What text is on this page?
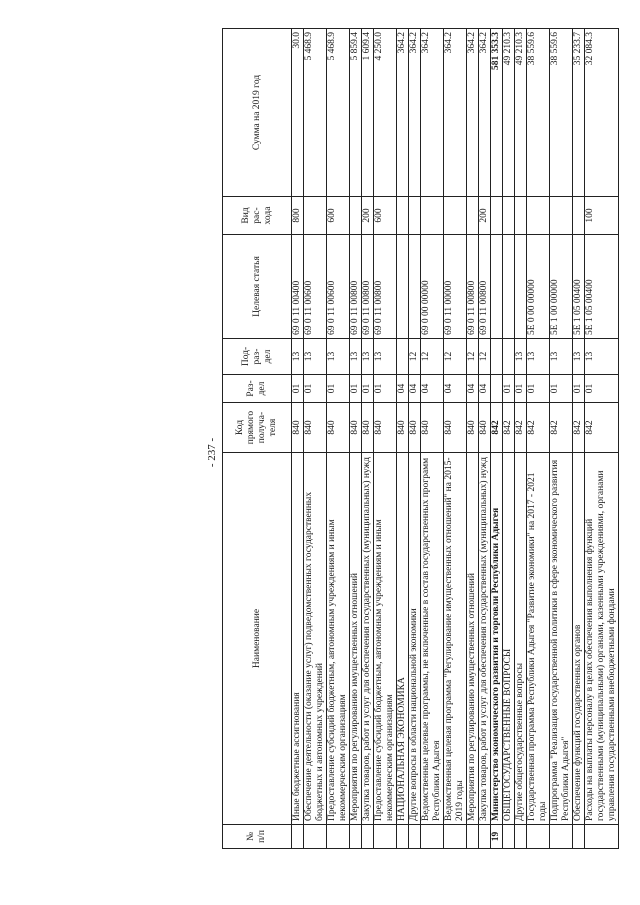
- 237 -
№ п/п	Наименование	Код прямого получа-теля	Раз-дел	Под-раз-дел	Целевая статья	Вид рас-хода	Сумма на 2019 год
	Иные бюджетные ассигнования	840	01	13	69 0 11 00400	800	30.0
	Обеспечение деятельности (оказание услуг) подведомственных государственных бюджетных и автономных учреждений	840	01	13	69 0 11 00600		5 468.9
	Предоставление субсидий бюджетным, автономным учреждениям и иным некоммерческим организациям	840	01	13	69 0 11 00600	600	5 468.9
	Мероприятия по регулированию имущественных отношений	840	01	13	69 0 11 00800		5 859.4
	Закупка товаров, работ и услуг для обеспечения государственных (муниципальных) нужд	840	01	13	69 0 11 00800	200	1 609.4
	Предоставление субсидий бюджетным, автономным учреждениям и иным некоммерческим организациям	840	01	13	69 0 11 00800	600	4 250.0
	НАЦИОНАЛЬНАЯ ЭКОНОМИКА	840	04				364.2
	Другие вопросы в области национальной экономики	840	04	12			364.2
	Ведомственные целевые программы, не включенные в состав государственных программ Республики Адыгея	840	04	12	69 0 00 00000		364.2
	Ведомственная целевая программа "Регулирование имущественных отношений" на 2015-2019 годы	840	04	12	69 0 11 00000		364.2
	Мероприятия по регулированию имущественных отношений	840	04	12	69 0 11 00800		364.2
	Закупка товаров, работ и услуг для обеспечения государственных (муниципальных) нужд	840	04	12	69 0 11 00800	200	364.2
19	Министерство экономического развития и торговли Республики Адыгея	842					581 353.3
	ОБЩЕГОСУДАРСТВЕННЫЕ ВОПРОСЫ	842	01				49 210.3
	Другие общегосударственные вопросы	842	01	13			49 210.3
	Государственная программа Республики Адыгея "Развитие экономики" на 2017 - 2021 годы	842	01	13	5Е 0 00 00000		38 559.6
	Подпрограмма "Реализация государственной политики в сфере экономического развития Республики Адыгея"	842	01	13	5Е 1 00 00000		38 559.6
	Обеспечение функций государственных органов	842	01	13	5Е 1 05 00400		35 233.7
	Расходы на выплаты персоналу в целях обеспечения выполнения функций государственными (муниципальными) органами, казенными учреждениями, органами управления государственными внебюджетными фондами	842	01	13	5Е 1 05 00400	100	32 084.3
